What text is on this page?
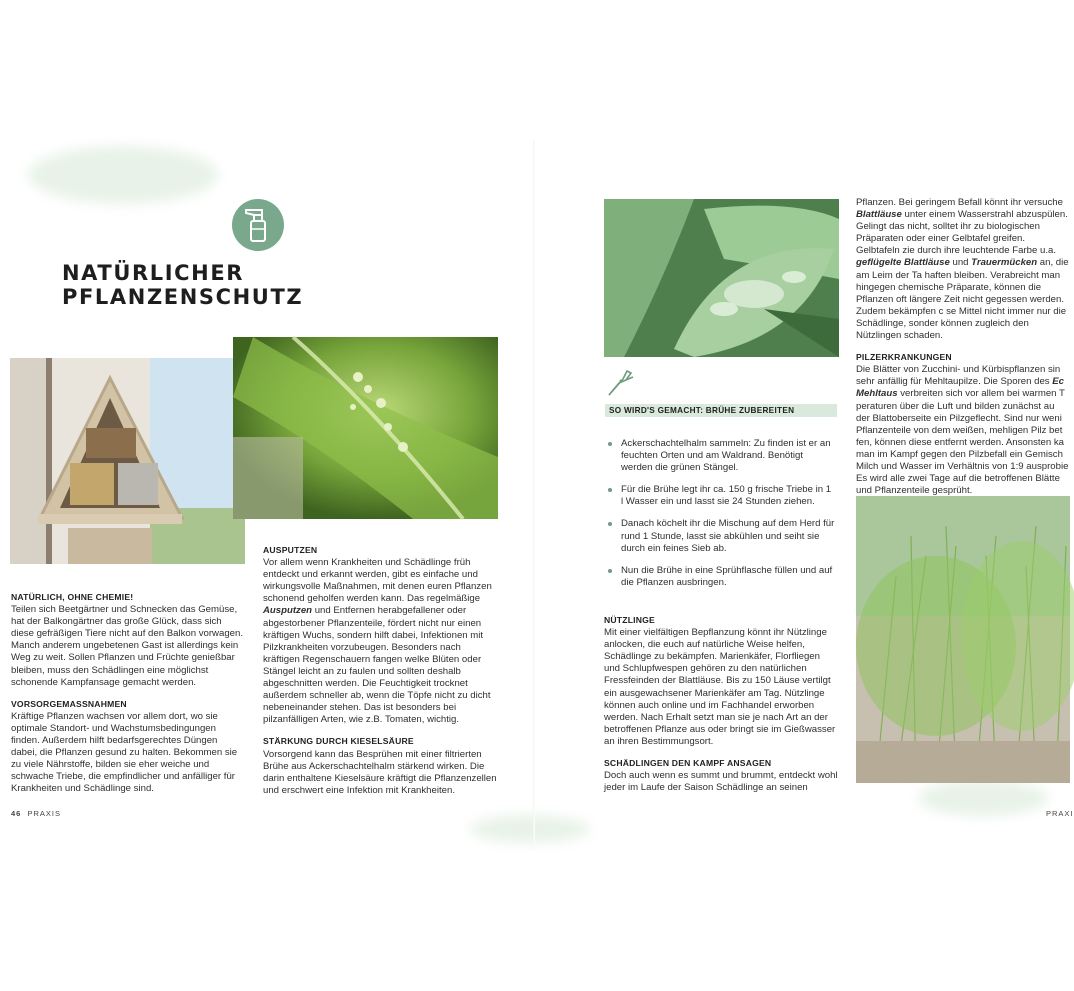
NATÜRLICHER PFLANZENSCHUTZ
NATÜRLICH, OHNE CHEMIE!

Teilen sich Beetgärtner und Schnecken das Gemüse, hat der Balkongärtner das große Glück, dass sich diese gefräßigen Tiere nicht auf den Balkon vorwagen. Manch anderem ungebetenen Gast ist allerdings kein Weg zu weit. Sollen Pflanzen und Früchte genießbar bleiben, muss den Schädlingen eine möglichst schonende Kampfansage gemacht werden.

VORSORGEMASSNAHMEN

Kräftige Pflanzen wachsen vor allem dort, wo sie optimale Standort- und Wachstumsbedingungen finden. Außerdem hilft bedarfsgerechtes Düngen dabei, die Pflanzen gesund zu halten. Bekommen sie zu viele Nährstoffe, bilden sie eher weiche und schwache Triebe, die empfindlicher und anfälliger für Krankheiten und Schädlinge sind.

AUSPUTZEN

Vor allem wenn Krankheiten und Schädlinge früh entdeckt und erkannt werden, gibt es einfache und wirkungsvolle Maßnahmen, mit denen euren Pflanzen schonend geholfen werden kann. Das regelmäßige Ausputzen und Entfernen herabgefallener oder abgestorbener Pflanzenteile, fördert nicht nur einen kräftigen Wuchs, sondern hilft dabei, Infektionen mit Pilzkrankheiten vorzubeugen. Besonders nach kräftigen Regenschauern fangen welke Blüten oder Stängel leicht an zu faulen und sollten deshalb abgeschnitten werden. Die Feuchtigkeit trocknet außerdem schneller ab, wenn die Töpfe nicht zu dicht nebeneinander stehen. Das ist besonders bei pilzanfälligen Arten, wie z.B. Tomaten, wichtig.

STÄRKUNG DURCH KIESELSÄURE

Vorsorgend kann das Besprühen mit einer filtrierten Brühe aus Ackerschachtelhalm stärkend wirken. Die darin enthaltene Kieselsäure kräftigt die Pflanzenzellen und erschwert eine Infektion mit Krankheiten.

46 PRAXIS
SO WIRD'S GEMACHT: BRÜHE ZUBEREITEN
Ackerschachtelhalm sammeln: Zu finden ist er an feuchten Orten und am Waldrand. Benötigt werden die grünen Stängel.
Für die Brühe legt ihr ca. 150 g frische Triebe in 1 l Wasser ein und lasst sie 24 Stunden ziehen.
Danach köchelt ihr die Mischung auf dem Herd für rund 1 Stunde, lasst sie abkühlen und seiht sie durch ein feines Sieb ab.
Nun die Brühe in eine Sprühflasche füllen und auf die Pflanzen ausbringen.
NÜTZLINGE

Mit einer vielfältigen Bepflanzung könnt ihr Nützlinge anlocken, die euch auf natürliche Weise helfen, Schädlinge zu bekämpfen. Marienkäfer, Florfliegen und Schlupfwespen gehören zu den natürlichen Fressfeinden der Blattläuse. Bis zu 150 Läuse vertilgt ein ausgewachsener Marienkäfer am Tag. Nützlinge können auch online und im Fachhandel erworben werden. Nach Erhalt setzt man sie je nach Art an der betroffenen Pflanze aus oder bringt sie im Gießwasser an ihren Bestimmungsort.

SCHÄDLINGEN DEN KAMPF ANSAGEN

Doch auch wenn es summt und brummt, entdeckt wohl jeder im Laufe der Saison Schädlinge an seinen

Pflanzen. Bei geringem Befall könnt ihr versuche Blattläuse unter einem Wasserstrahl abzuspülen. Gelingt das nicht, solltet ihr zu biologischen Präparaten oder einer Gelbtafel greifen. Gelbtafeln zie durch ihre leuchtende Farbe u.a. geflügelte Blattläuse und Trauermücken an, die am Leim der Ta haften bleiben. Verabreicht man hingegen chemische Präparate, können die Pflanzen oft längere Zeit nicht gegessen werden. Zudem bekämpfen c se Mittel nicht immer nur die Schädlinge, sonder können zugleich den Nützlingen schaden.

PILZERKRANKUNGEN

Die Blätter von Zucchini- und Kürbispflanzen sin sehr anfällig für Mehltaupilze. Die Sporen des Ec Mehltaus verbreiten sich vor allem bei warmen T peraturen über die Luft und bilden zunächst au der Blattoberseite ein Pilzgeflecht. Sind nur weni Pflanzenteile von dem weißen, mehligen Pilz bet fen, können diese entfernt werden. Ansonsten ka man im Kampf gegen den Pilzbefall ein Gemisch Milch und Wasser im Verhältnis von 1:9 ausprobie Es wird alle zwei Tage auf die betroffenen Blätte und Pflanzenteile gesprüht.

PRAXI
